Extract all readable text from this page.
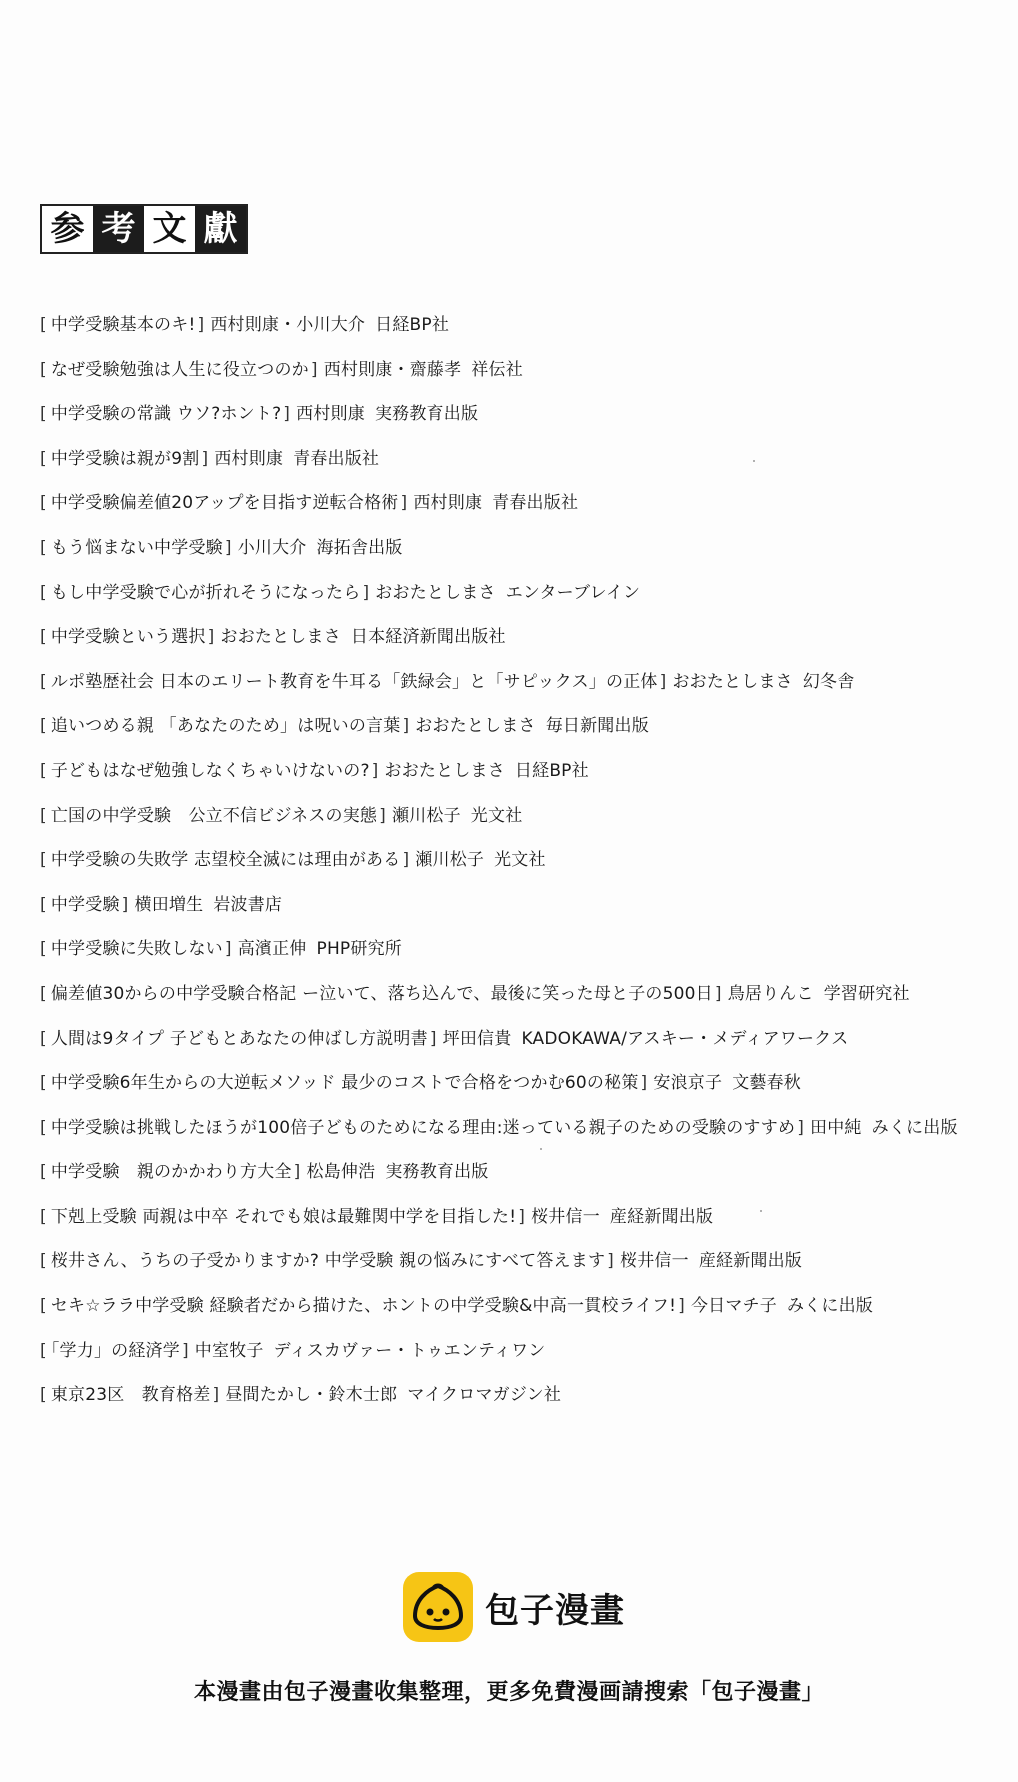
参 考 文 獻
[ 中学受験基本のキ! ] 西村則康・小川大介 日経BP社
[ なぜ受験勉強は人生に役立つのか ] 西村則康・齋藤孝 祥伝社
[ 中学受験の常識 ウソ?ホント? ] 西村則康 実務教育出版
[ 中学受験は親が9割 ] 西村則康 青春出版社
[ 中学受験偏差値20アップを目指す逆転合格術 ] 西村則康 青春出版社
[ もう悩まない中学受験 ] 小川大介 海拓舎出版
[ もし中学受験で心が折れそうになったら ] おおたとしまさ エンターブレイン
[ 中学受験という選択 ] おおたとしまさ 日本経済新聞出版社
[ ルポ塾歴社会 日本のエリート教育を牛耳る「鉄緑会」と「サピックス」の正体 ] おおたとしまさ 幻冬舎
[ 追いつめる親 「あなたのため」は呪いの言葉 ] おおたとしまさ 毎日新聞出版
[ 子どもはなぜ勉強しなくちゃいけないの? ] おおたとしまさ 日経BP社
[ 亡国の中学受験　公立不信ビジネスの実態 ] 瀬川松子 光文社
[ 中学受験の失敗学 志望校全滅には理由がある ] 瀬川松子 光文社
[ 中学受験 ] 横田増生 岩波書店
[ 中学受験に失敗しない ] 高濱正伸 PHP研究所
[ 偏差値30からの中学受験合格記 ー泣いて、落ち込んで、最後に笑った母と子の500日 ] 鳥居りんこ 学習研究社
[ 人間は9タイプ 子どもとあなたの伸ばし方説明書 ] 坪田信貴 KADOKAWA/アスキー・メディアワークス
[ 中学受験6年生からの大逆転メソッド 最少のコストで合格をつかむ60の秘策 ] 安浪京子 文藝春秋
[ 中学受験は挑戦したほうが100倍子どものためになる理由:迷っている親子のための受験のすすめ ] 田中純 みくに出版
[ 中学受験　親のかかわり方大全 ] 松島伸浩 実務教育出版
[ 下剋上受験 両親は中卒 それでも娘は最難関中学を目指した! ] 桜井信一 産経新聞出版
[ 桜井さん、うちの子受かりますか? 中学受験 親の悩みにすべて答えます ] 桜井信一 産経新聞出版
[ セキ☆ララ中学受験 経験者だから描けた、ホントの中学受験&中高一貫校ライフ! ] 今日マチ子 みくに出版
[ 「学力」の経済学 ] 中室牧子 ディスカヴァー・トゥエンティワン
[ 東京23区　教育格差 ] 昼間たかし・鈴木士郎 マイクロマガジン社
包子漫畫
本漫畫由包子漫畫收集整理，更多免費漫画請搜索「包子漫畫」
